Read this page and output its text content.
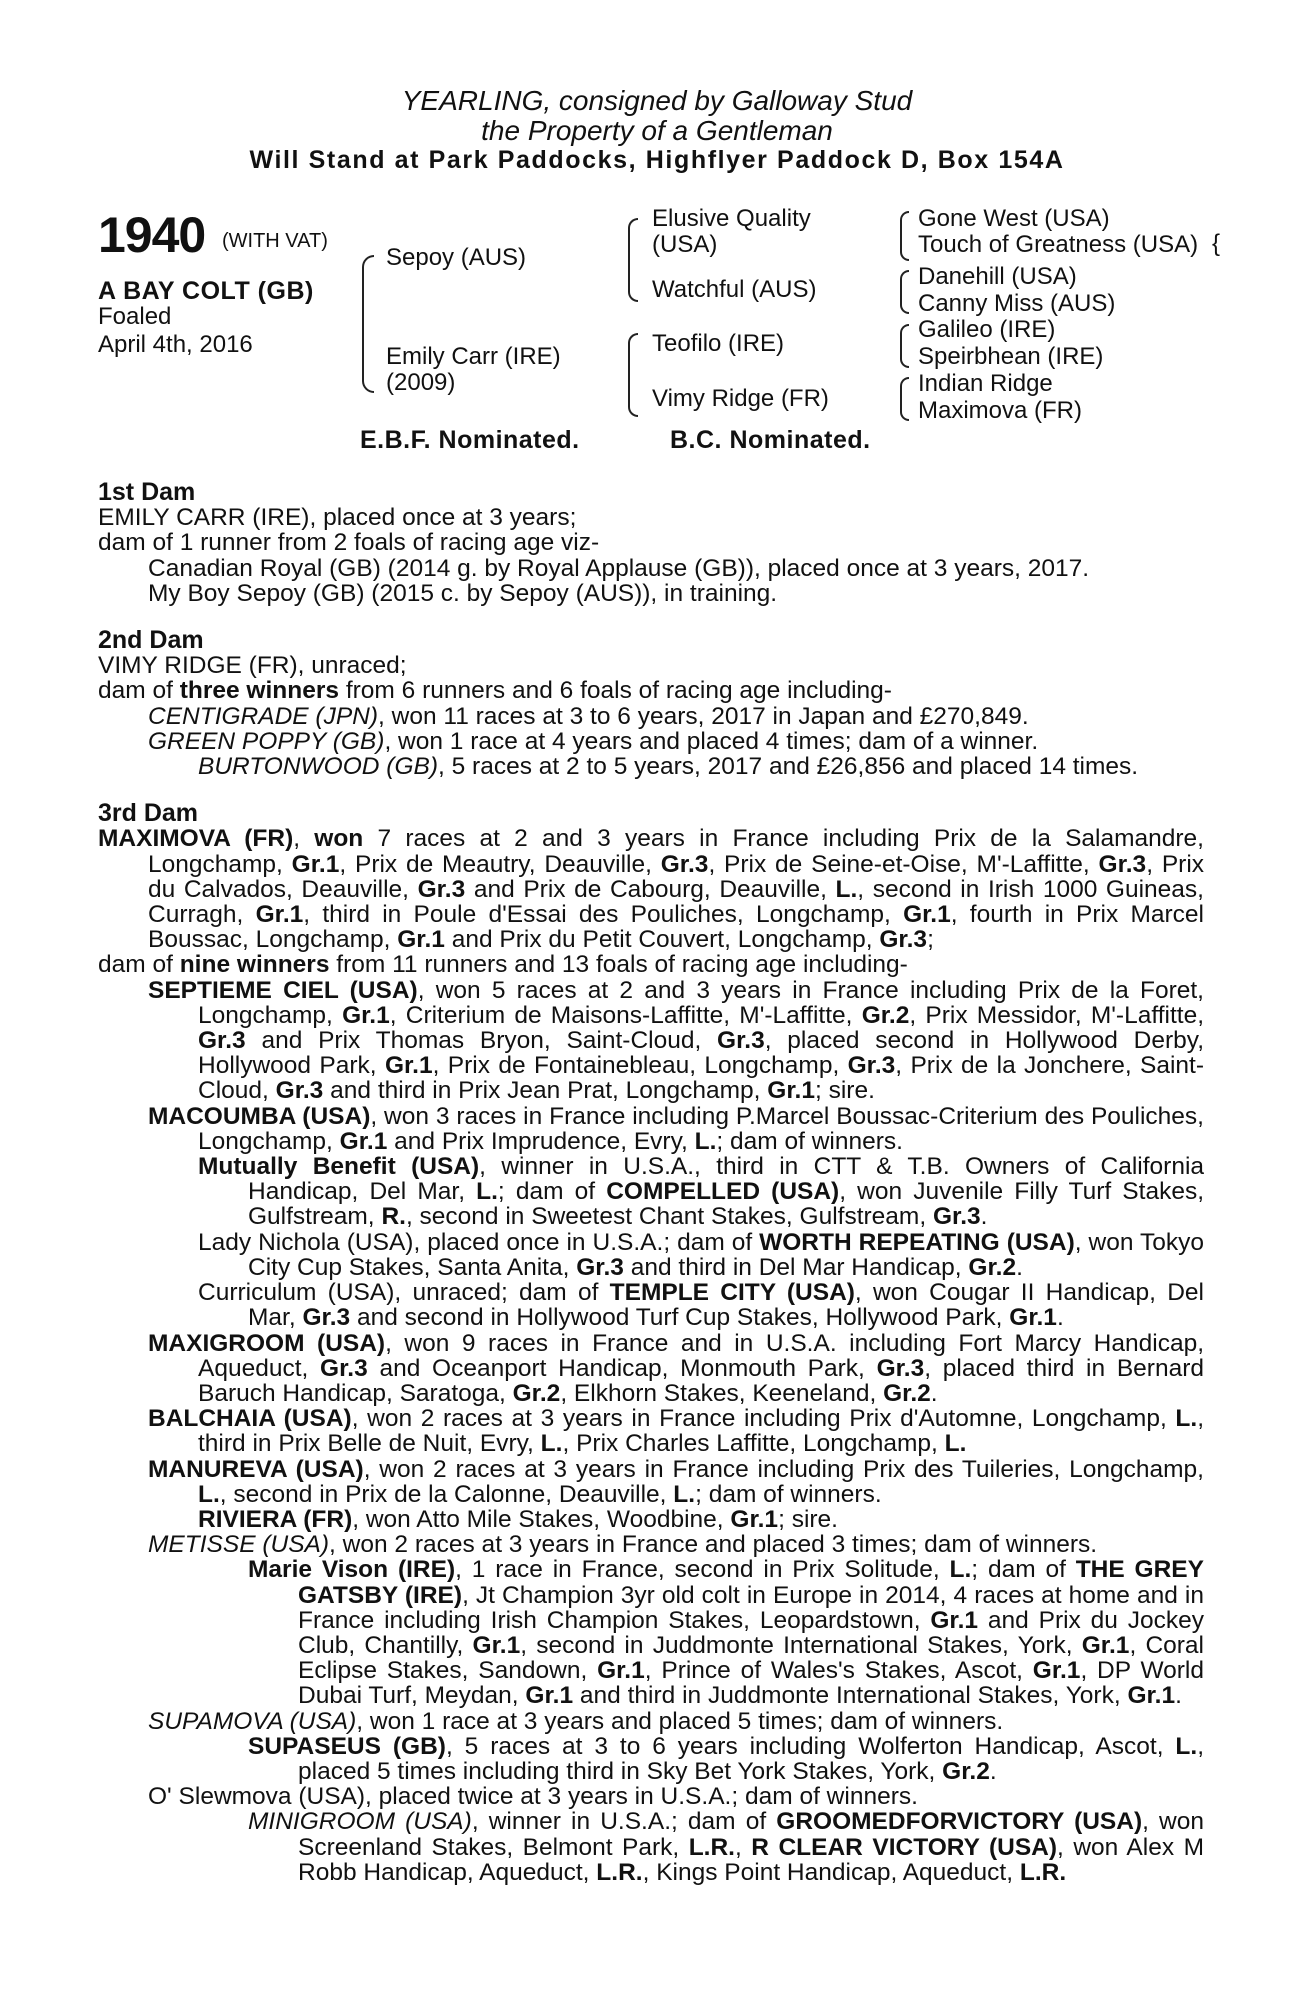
YEARLING, consigned by Galloway Stud
the Property of a Gentleman
Will Stand at Park Paddocks, Highflyer Paddock D, Box 154A
1940 (WITH VAT)
A BAY COLT (GB)
Foaled
April 4th, 2016
Sepoy (AUS)
Emily Carr (IRE)
(2009)
Elusive Quality
(USA)
Watchful (AUS)
Teofilo (IRE)
Vimy Ridge (FR)
Gone West (USA)
Touch of Greatness (USA) {
Danehill (USA)
Canny Miss (AUS)
Galileo (IRE)
Speirbhean (IRE)
Indian Ridge
Maximova (FR)
E.B.F. Nominated.	B.C. Nominated.

1st Dam

EMILY CARR (IRE), placed once at 3 years;

dam of 1 runner from 2 foals of racing age viz-

Canadian Royal (GB) (2014 g. by Royal Applause (GB)), placed once at 3 years, 2017.

My Boy Sepoy (GB) (2015 c. by Sepoy (AUS)), in training.

2nd Dam

VIMY RIDGE (FR), unraced;

dam of three winners from 6 runners and 6 foals of racing age including-

CENTIGRADE (JPN), won 11 races at 3 to 6 years, 2017 in Japan and £270,849.

GREEN POPPY (GB), won 1 race at 4 years and placed 4 times; dam of a winner.

BURTONWOOD (GB), 5 races at 2 to 5 years, 2017 and £26,856 and placed 14 times.

3rd Dam

MAXIMOVA (FR), won 7 races at 2 and 3 years in France including Prix de la Salamandre, Longchamp, Gr.1, Prix de Meautry, Deauville, Gr.3, Prix de Seine-et-Oise, M'-Laffitte, Gr.3, Prix du Calvados, Deauville, Gr.3 and Prix de Cabourg, Deauville, L., second in Irish 1000 Guineas, Curragh, Gr.1, third in Poule d'Essai des Pouliches, Longchamp, Gr.1, fourth in Prix Marcel Boussac, Longchamp, Gr.1 and Prix du Petit Couvert, Longchamp, Gr.3;

dam of nine winners from 11 runners and 13 foals of racing age including-

SEPTIEME CIEL (USA), won 5 races at 2 and 3 years in France including Prix de la Foret, Longchamp, Gr.1, Criterium de Maisons-Laffitte, M'-Laffitte, Gr.2, Prix Messidor, M'-Laffitte, Gr.3 and Prix Thomas Bryon, Saint-Cloud, Gr.3, placed second in Hollywood Derby, Hollywood Park, Gr.1, Prix de Fontainebleau, Longchamp, Gr.3, Prix de la Jonchere, Saint-Cloud, Gr.3 and third in Prix Jean Prat, Longchamp, Gr.1; sire.

MACOUMBA (USA), won 3 races in France including P.Marcel Boussac-Criterium des Pouliches, Longchamp, Gr.1 and Prix Imprudence, Evry, L.; dam of winners.

Mutually Benefit (USA), winner in U.S.A., third in CTT & T.B. Owners of California Handicap, Del Mar, L.; dam of COMPELLED (USA), won Juvenile Filly Turf Stakes, Gulfstream, R., second in Sweetest Chant Stakes, Gulfstream, Gr.3.

Lady Nichola (USA), placed once in U.S.A.; dam of WORTH REPEATING (USA), won Tokyo City Cup Stakes, Santa Anita, Gr.3 and third in Del Mar Handicap, Gr.2.

Curriculum (USA), unraced; dam of TEMPLE CITY (USA), won Cougar II Handicap, Del Mar, Gr.3 and second in Hollywood Turf Cup Stakes, Hollywood Park, Gr.1.

MAXIGROOM (USA), won 9 races in France and in U.S.A. including Fort Marcy Handicap, Aqueduct, Gr.3 and Oceanport Handicap, Monmouth Park, Gr.3, placed third in Bernard Baruch Handicap, Saratoga, Gr.2, Elkhorn Stakes, Keeneland, Gr.2.

BALCHAIA (USA), won 2 races at 3 years in France including Prix d'Automne, Longchamp, L., third in Prix Belle de Nuit, Evry, L., Prix Charles Laffitte, Longchamp, L.

MANUREVA (USA), won 2 races at 3 years in France including Prix des Tuileries, Longchamp, L., second in Prix de la Calonne, Deauville, L.; dam of winners.

RIVIERA (FR), won Atto Mile Stakes, Woodbine, Gr.1; sire.

METISSE (USA), won 2 races at 3 years in France and placed 3 times; dam of winners.

Marie Vison (IRE), 1 race in France, second in Prix Solitude, L.; dam of THE GREY GATSBY (IRE), Jt Champion 3yr old colt in Europe in 2014, 4 races at home and in France including Irish Champion Stakes, Leopardstown, Gr.1 and Prix du Jockey Club, Chantilly, Gr.1, second in Juddmonte International Stakes, York, Gr.1, Coral Eclipse Stakes, Sandown, Gr.1, Prince of Wales's Stakes, Ascot, Gr.1, DP World Dubai Turf, Meydan, Gr.1 and third in Juddmonte International Stakes, York, Gr.1.

SUPAMOVA (USA), won 1 race at 3 years and placed 5 times; dam of winners.

SUPASEUS (GB), 5 races at 3 to 6 years including Wolferton Handicap, Ascot, L., placed 5 times including third in Sky Bet York Stakes, York, Gr.2.

O' Slewmova (USA), placed twice at 3 years in U.S.A.; dam of winners.

MINIGROOM (USA), winner in U.S.A.; dam of GROOMEDFORVICTORY (USA), won Screenland Stakes, Belmont Park, L.R., R CLEAR VICTORY (USA), won Alex M Robb Handicap, Aqueduct, L.R., Kings Point Handicap, Aqueduct, L.R.
